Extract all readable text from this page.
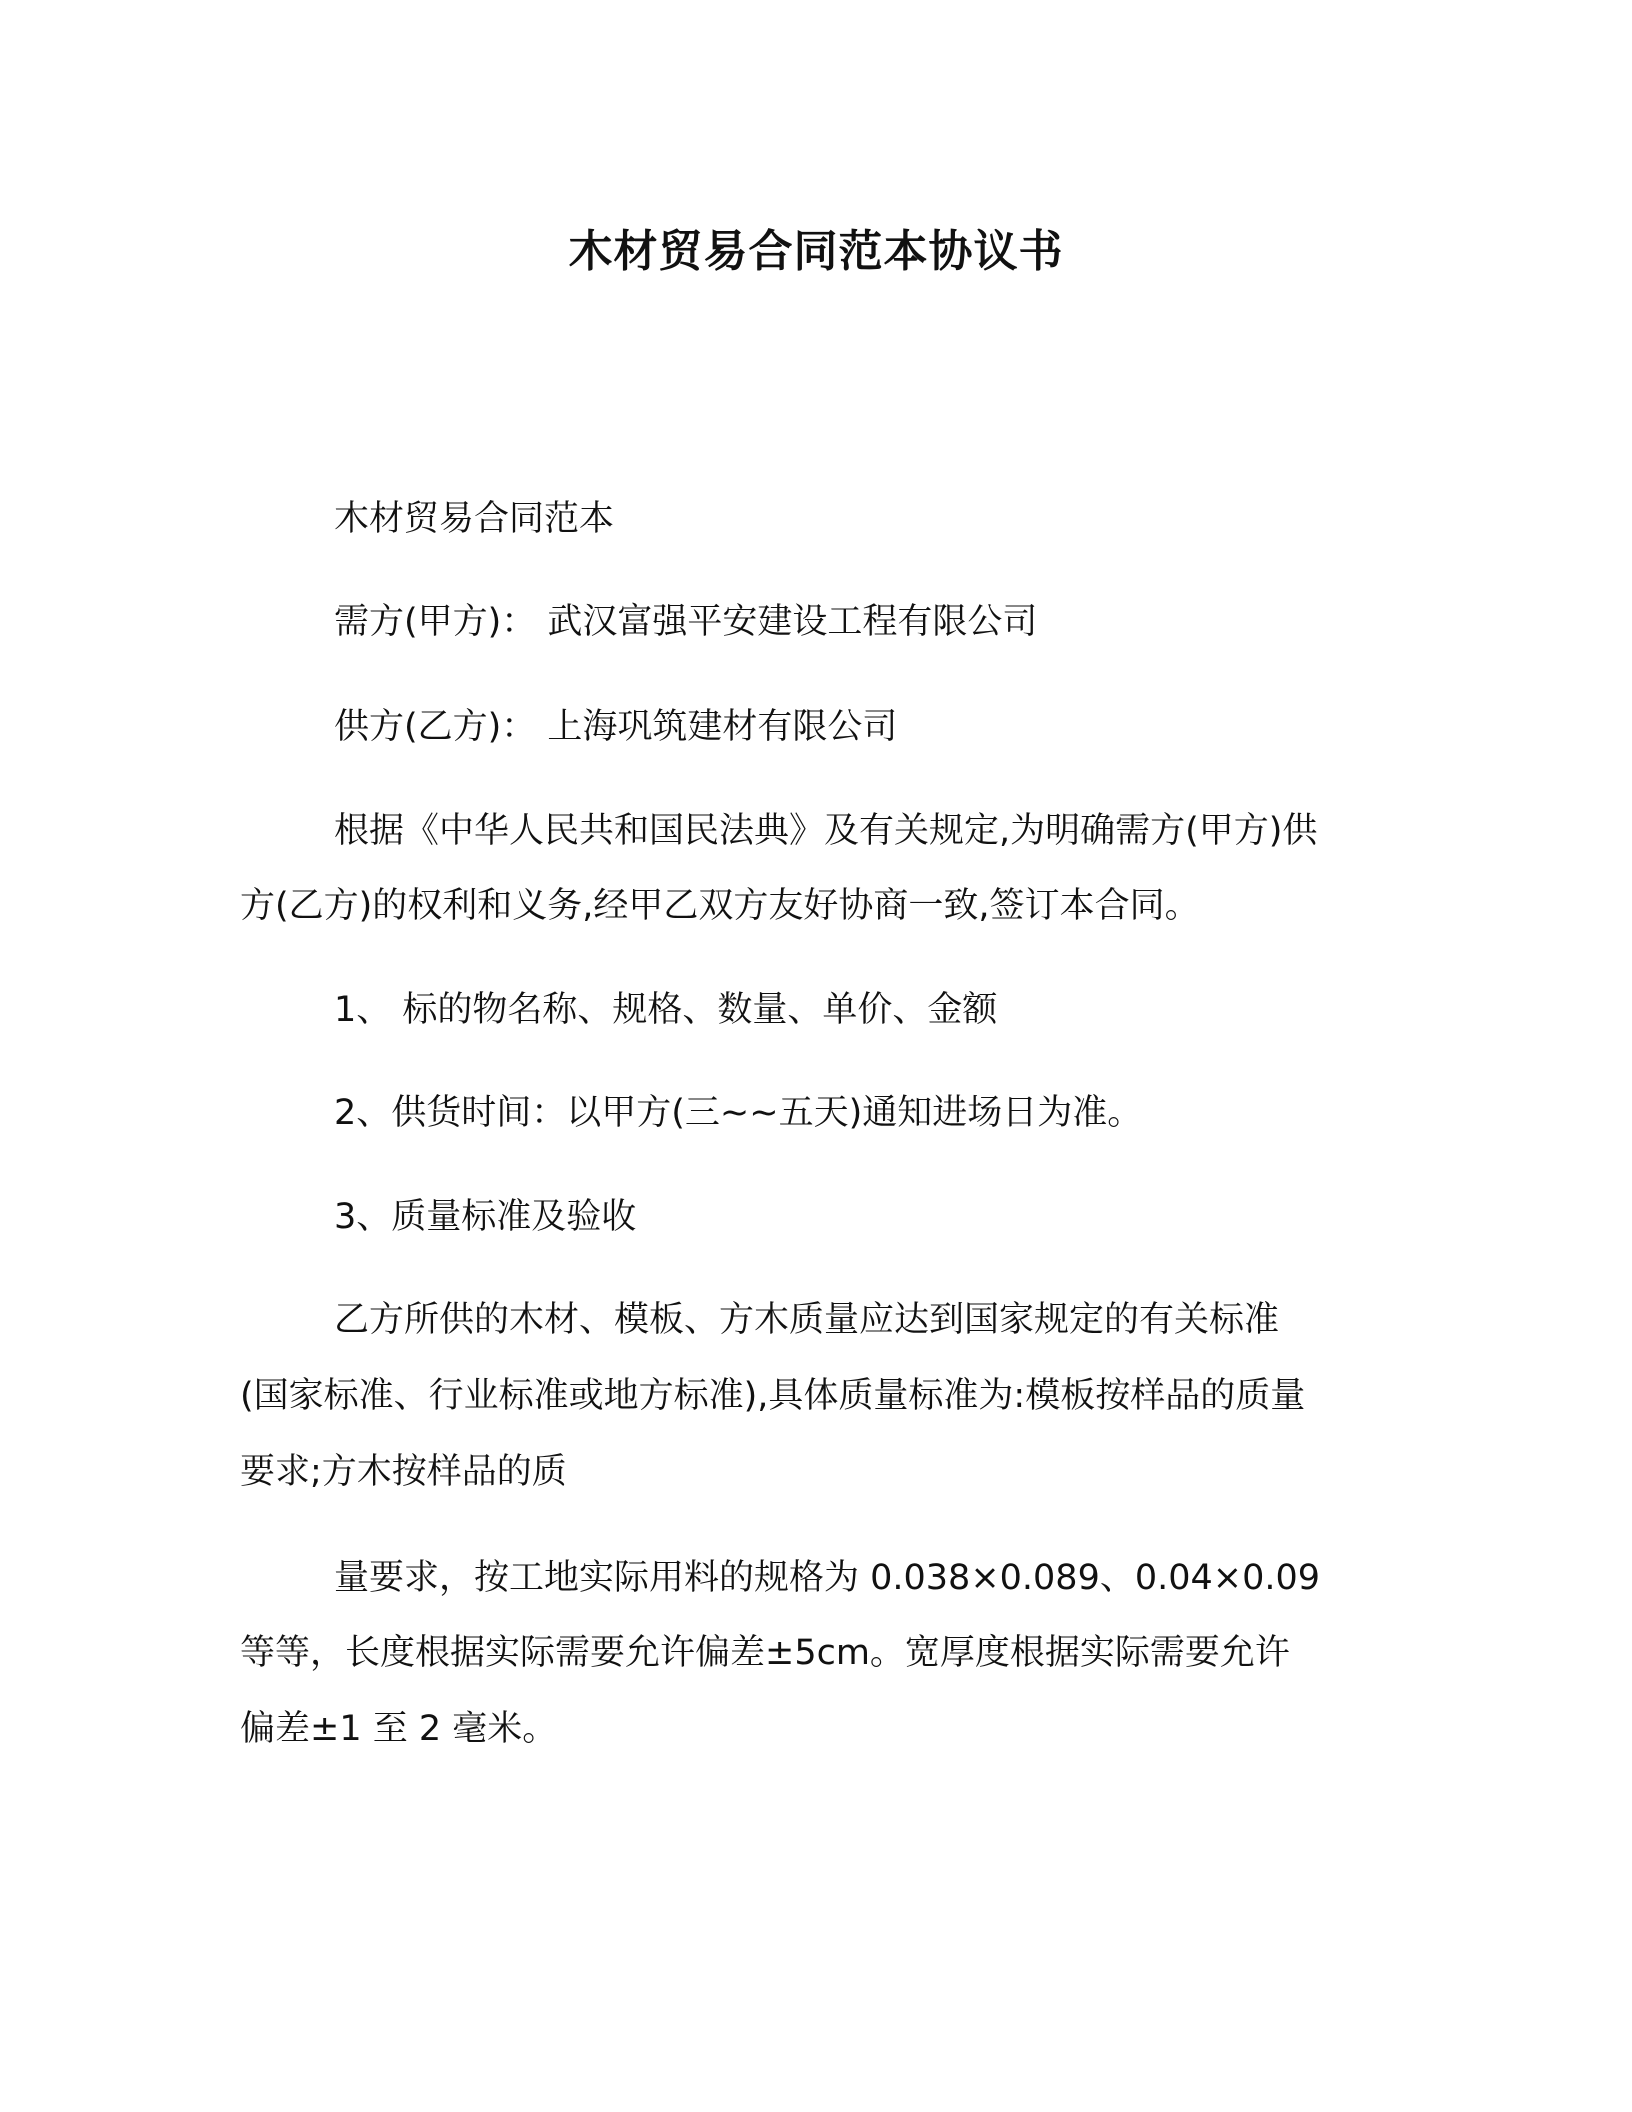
木材贸易合同范本协议书
木材贸易合同范本
需方(甲方)： 武汉富强平安建设工程有限公司
供方(乙方)： 上海巩筑建材有限公司
根据《中华人民共和国民法典》及有关规定,为明确需方(甲方)供
方(乙方)的权利和义务,经甲乙双方友好协商一致,签订本合同。
1、 标的物名称、规格、数量、单价、金额
2、供货时间：以甲方(三~~五天)通知进场日为准。
3、质量标准及验收
乙方所供的木材、模板、方木质量应达到国家规定的有关标准
(国家标准、行业标准或地方标准),具体质量标准为:模板按样品的质量
要求;方木按样品的质
量要求，按工地实际用料的规格为 0.038×0.089、0.04×0.09
等等，长度根据实际需要允许偏差±5cm。宽厚度根据实际需要允许
偏差±1 至 2 毫米。
